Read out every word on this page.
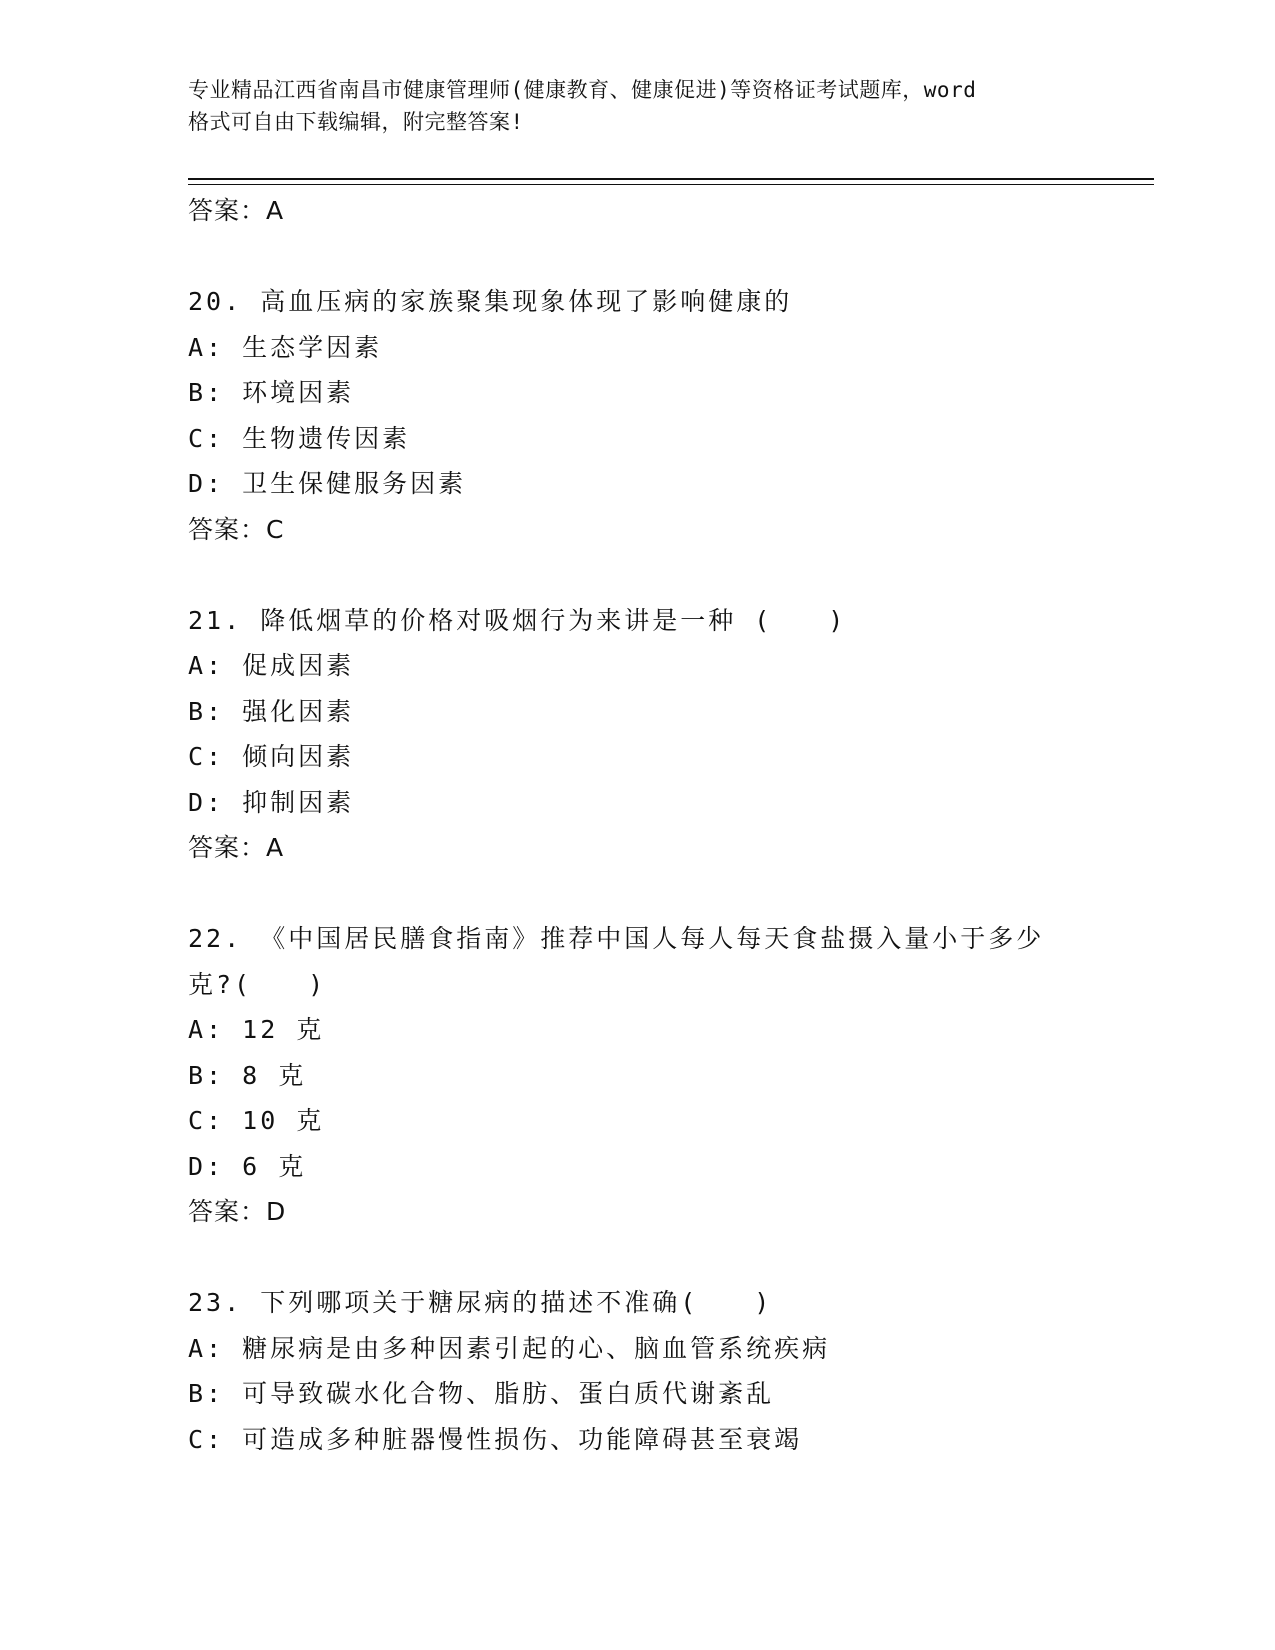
专业精品江西省南昌市健康管理师(健康教育、健康促进)等资格证考试题库，word
格式可自由下载编辑，附完整答案!
答案：A
20. 高血压病的家族聚集现象体现了影响健康的
A: 生态学因素
B: 环境因素
C: 生物遗传因素
D: 卫生保健服务因素
答案：C
21. 降低烟草的价格对吸烟行为来讲是一种 (　　)
A: 促成因素
B: 强化因素
C: 倾向因素
D: 抑制因素
答案：A
22. 《中国居民膳食指南》推荐中国人每人每天食盐摄入量小于多少
克?(　　)
A: 12 克
B: 8 克
C: 10 克
D: 6 克
答案：D
23. 下列哪项关于糖尿病的描述不准确(　　)
A: 糖尿病是由多种因素引起的心、脑血管系统疾病
B: 可导致碳水化合物、脂肪、蛋白质代谢紊乱
C: 可造成多种脏器慢性损伤、功能障碍甚至衰竭
